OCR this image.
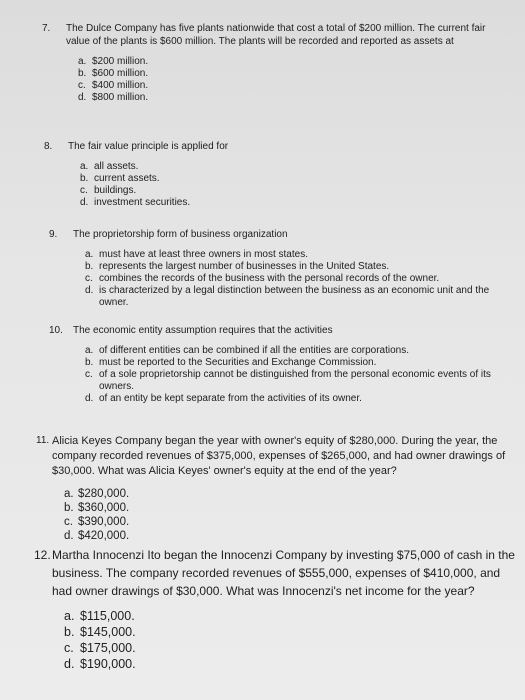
7. The Dulce Company has five plants nationwide that cost a total of $200 million. The current fair value of the plants is $600 million. The plants will be recorded and reported as assets at
a. $200 million.
b. $600 million.
c. $400 million.
d. $800 million.
8. The fair value principle is applied for
a. all assets.
b. current assets.
c. buildings.
d. investment securities.
9. The proprietorship form of business organization
a. must have at least three owners in most states.
b. represents the largest number of businesses in the United States.
c. combines the records of the business with the personal records of the owner.
d. is characterized by a legal distinction between the business as an economic unit and the owner.
10. The economic entity assumption requires that the activities
a. of different entities can be combined if all the entities are corporations.
b. must be reported to the Securities and Exchange Commission.
c. of a sole proprietorship cannot be distinguished from the personal economic events of its owners.
d. of an entity be kept separate from the activities of its owner.
11. Alicia Keyes Company began the year with owner's equity of $280,000. During the year, the company recorded revenues of $375,000, expenses of $265,000, and had owner drawings of $30,000. What was Alicia Keyes' owner's equity at the end of the year?
a. $280,000.
b. $360,000.
c. $390,000.
d. $420,000.
12. Martha Innocenzi Ito began the Innocenzi Company by investing $75,000 of cash in the business. The company recorded revenues of $555,000, expenses of $410,000, and had owner drawings of $30,000. What was Innocenzi's net income for the year?
a. $115,000.
b. $145,000.
c. $175,000.
d. $190,000.
